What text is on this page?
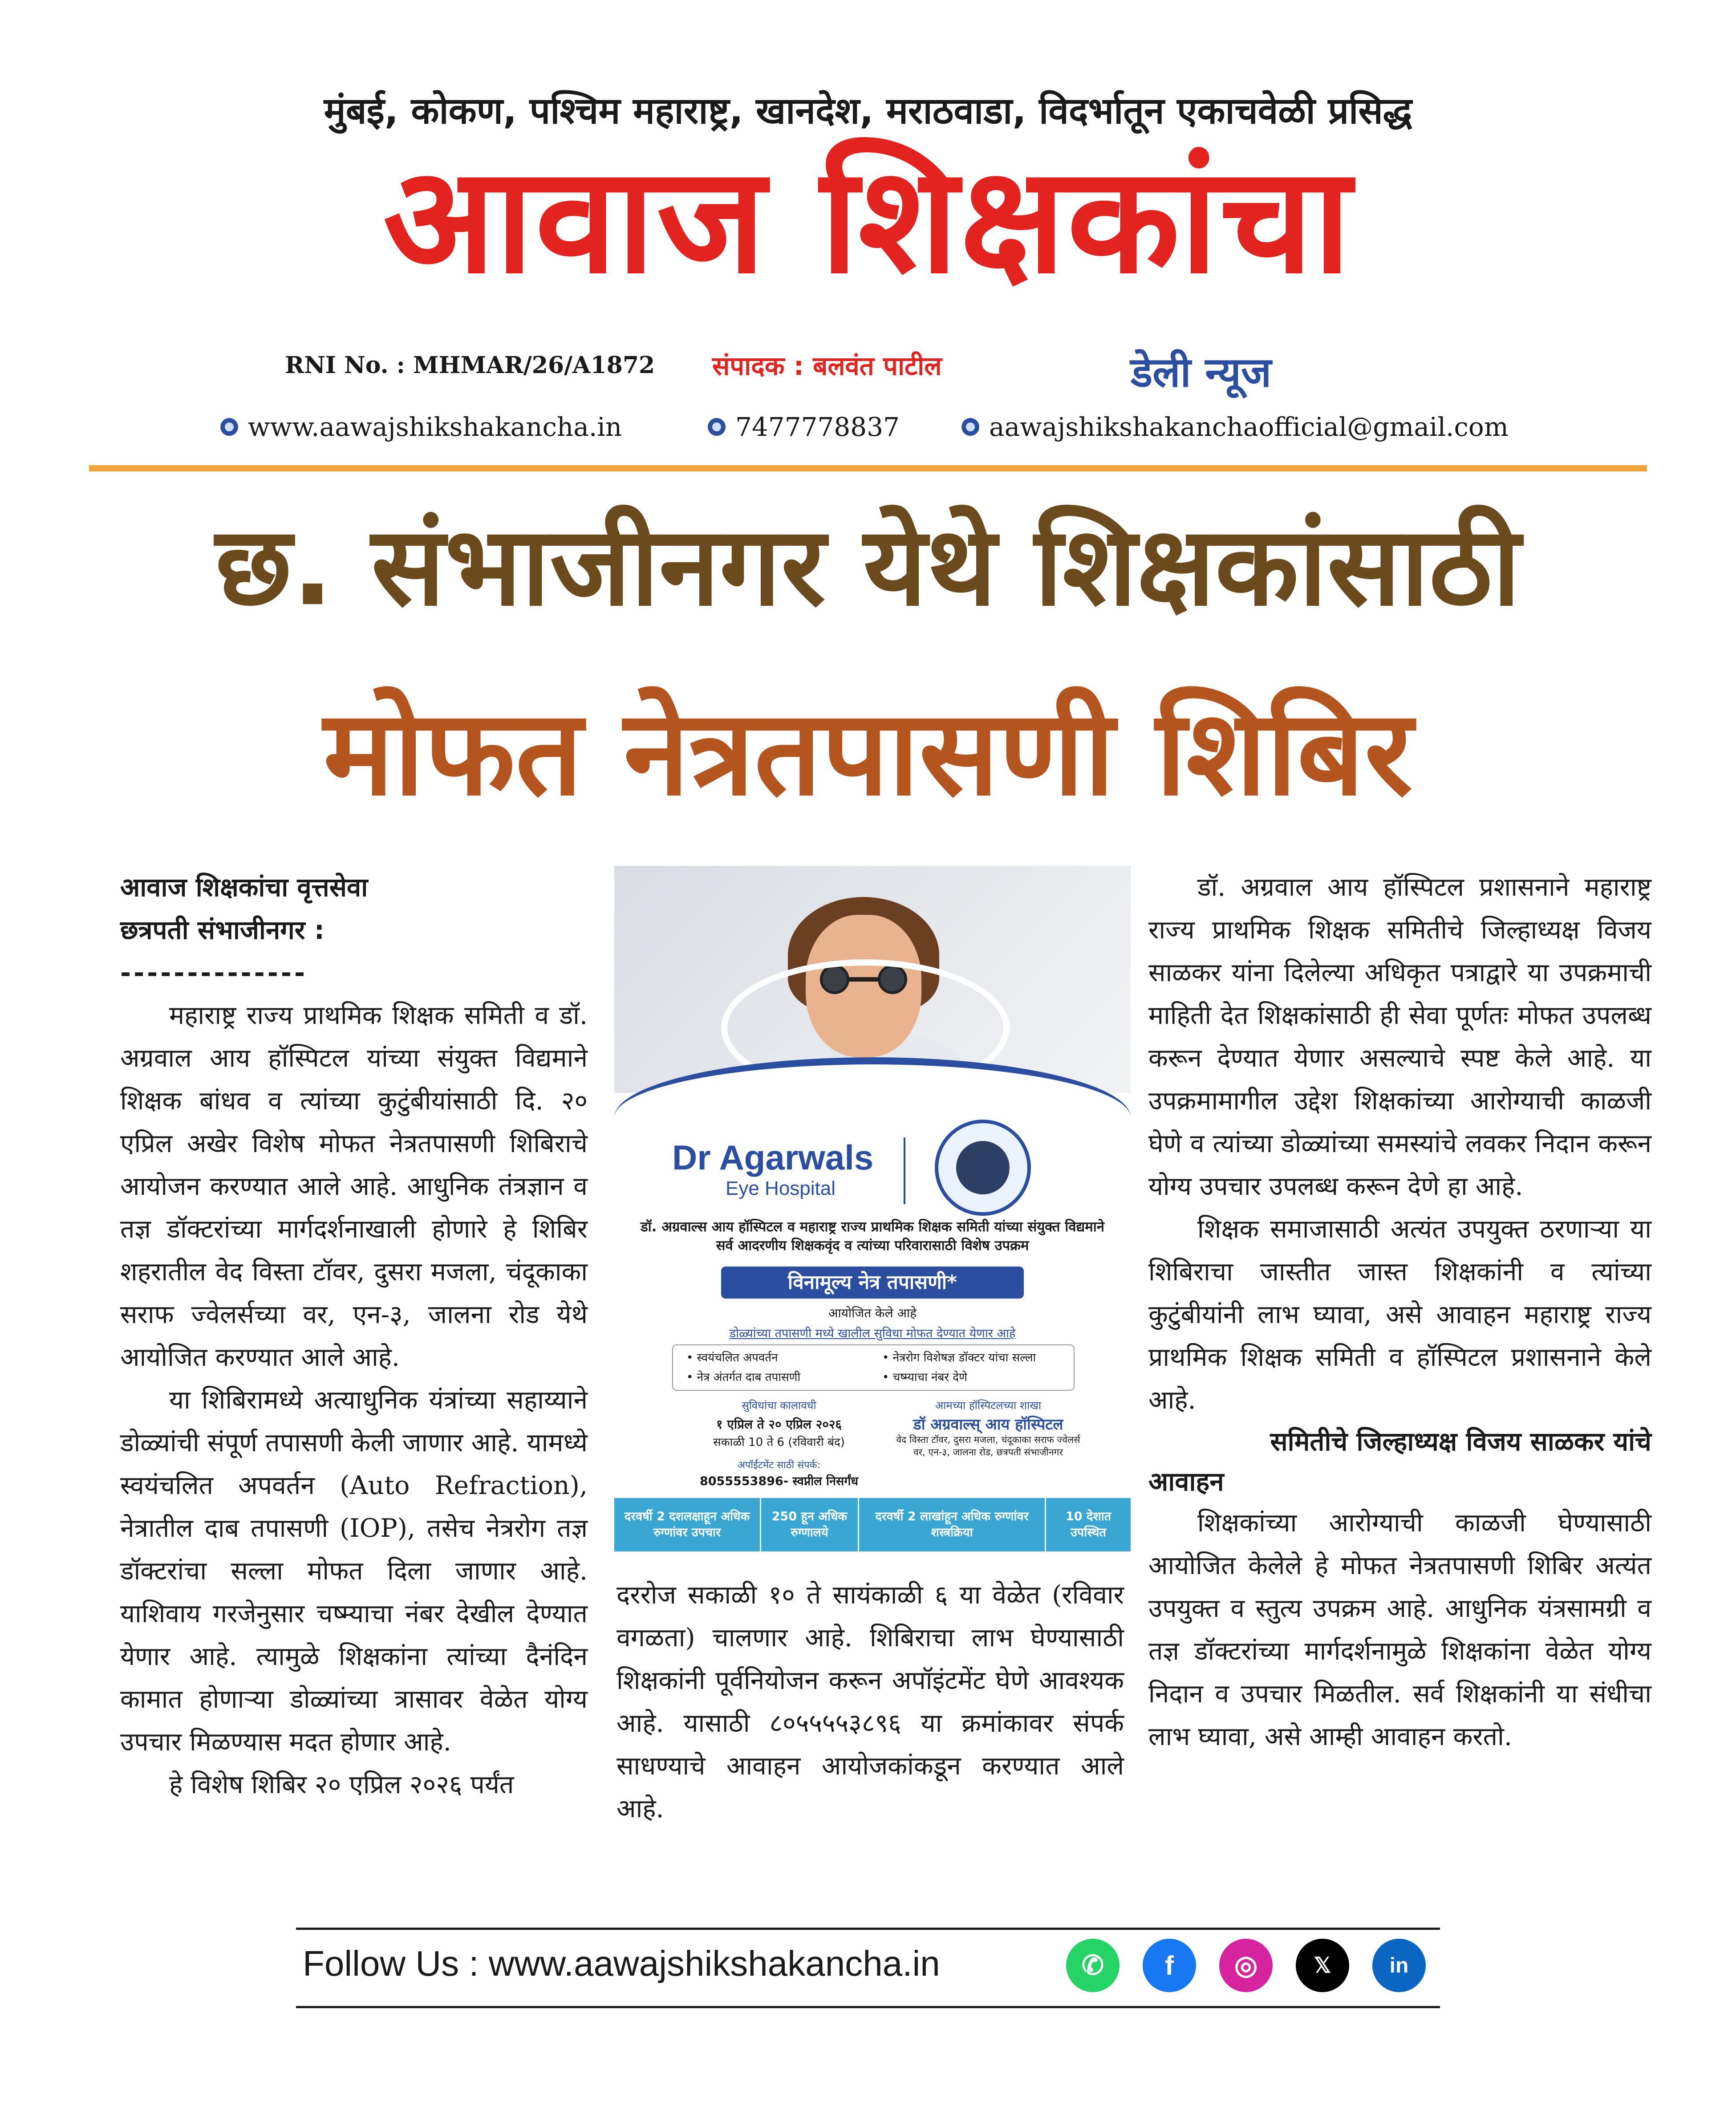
मुंबई, कोकण, पश्चिम महाराष्ट्र, खानदेश, मराठवाडा, विदर्भातून एकाचवेळी प्रसिद्ध
आवाज शिक्षकांचा
RNI No. : MHMAR/26/A1872 संपादक : बलवंत पाटील	डेली न्यूज
www.aawajshikshakancha.in	7477778837	aawajshikshakanchaofficial@gmail.com
छ. संभाजीनगर येथे शिक्षकांसाठी
मोफत नेत्रतपासणी शिबिर

आवाज शिक्षकांचा वृत्तसेवा

छत्रपती संभाजीनगर :

--------------

महाराष्ट्र राज्य प्राथमिक शिक्षक समिती व डॉ. अग्रवाल आय हॉस्पिटल यांच्या संयुक्त विद्यमाने शिक्षक बांधव व त्यांच्या कुटुंबीयांसाठी दि. २० एप्रिल अखेर विशेष मोफत नेत्रतपासणी शिबिराचे आयोजन करण्यात आले आहे. आधुनिक तंत्रज्ञान व तज्ञ डॉक्टरांच्या मार्गदर्शनाखाली होणारे हे शिबिर शहरातील वेद विस्ता टॉवर, दुसरा मजला, चंदूकाका सराफ ज्वेलर्सच्या वर, एन-३, जालना रोड येथे आयोजित करण्यात आले आहे.

या शिबिरामध्ये अत्याधुनिक यंत्रांच्या सहाय्याने डोळ्यांची संपूर्ण तपासणी केली जाणार आहे. यामध्ये स्वयंचलित अपवर्तन (Auto Refraction), नेत्रातील दाब तपासणी (IOP), तसेच नेत्ररोग तज्ञ डॉक्टरांचा सल्ला मोफत दिला जाणार आहे. याशिवाय गरजेनुसार चष्म्याचा नंबर देखील देण्यात येणार आहे. त्यामुळे शिक्षकांना त्यांच्या दैनंदिन कामात होणाऱ्या डोळ्यांच्या त्रासावर वेळेत योग्य उपचार मिळण्यास मदत होणार आहे.

हे विशेष शिबिर २० एप्रिल २०२६ पर्यंत

Dr Agarwals
Eye Hospital
डॉ. अग्रवाल्स आय हॉस्पिटल व महाराष्ट्र राज्य प्राथमिक शिक्षक समिती यांच्या संयुक्त विद्यमाने सर्व आदरणीय शिक्षकवृंद व त्यांच्या परिवारासाठी विशेष उपक्रम
विनामूल्य नेत्र तपासणी*
आयोजित केले आहे
डोळ्यांच्या तपासणी मध्ये खालील सुविधा मोफत देण्यात येणार आहे
• स्वयंचलित अपवर्तन	• नेत्ररोग विशेषज्ञ डॉक्टर यांचा सल्ला
• नेत्र अंतर्गत दाब तपासणी	• चष्म्याचा नंबर देणे
सुविधांचा कालावधी
१ एप्रिल ते २० एप्रिल २०२६
सकाळी 10 ते 6 (रविवारी बंद)
आमच्या हॉस्पिटलच्या शाखा
डॉ अग्रवाल्स् आय हॉस्पिटल
वेद विस्ता टॉवर, दुसरा मजला, चंदूकाका सराफ ज्वेलर्स वर, एन-३, जालना रोड, छत्रपती संभाजीनगर
अपॉईंटमेंट साठी संपर्क:
8055553896- स्वप्नील निसर्गंध
दरवर्षी 2 दशलक्षाहून अधिक रुग्णांवर उपचार
250 हून अधिक रुग्णालये
दरवर्षी 2 लाखांहून अधिक रुग्णांवर शस्त्रक्रिया
10 देशात उपस्थित

दररोज सकाळी १० ते सायंकाळी ६ या वेळेत (रविवार वगळता) चालणार आहे. शिबिराचा लाभ घेण्यासाठी शिक्षकांनी पूर्वनियोजन करून अपॉइंटमेंट घेणे आवश्यक आहे. यासाठी ८०५५५५३८९६ या क्रमांकावर संपर्क साधण्याचे आवाहन आयोजकांकडून करण्यात आले आहे.

डॉ. अग्रवाल आय हॉस्पिटल प्रशासनाने महाराष्ट्र राज्य प्राथमिक शिक्षक समितीचे जिल्हाध्यक्ष विजय साळकर यांना दिलेल्या अधिकृत पत्राद्वारे या उपक्रमाची माहिती देत शिक्षकांसाठी ही सेवा पूर्णतः मोफत उपलब्ध करून देण्यात येणार असल्याचे स्पष्ट केले आहे. या उपक्रमामागील उद्देश शिक्षकांच्या आरोग्याची काळजी घेणे व त्यांच्या डोळ्यांच्या समस्यांचे लवकर निदान करून योग्य उपचार उपलब्ध करून देणे हा आहे.

शिक्षक समाजासाठी अत्यंत उपयुक्त ठरणाऱ्या या शिबिराचा जास्तीत जास्त शिक्षकांनी व त्यांच्या कुटुंबीयांनी लाभ घ्यावा, असे आवाहन महाराष्ट्र राज्य प्राथमिक शिक्षक समिती व हॉस्पिटल प्रशासनाने केले आहे.

समितीचे जिल्हाध्यक्ष विजय साळकर यांचे

आवाहन

शिक्षकांच्या आरोग्याची काळजी घेण्यासाठी आयोजित केलेले हे मोफत नेत्रतपासणी शिबिर अत्यंत उपयुक्त व स्तुत्य उपक्रम आहे. आधुनिक यंत्रसामग्री व तज्ञ डॉक्टरांच्या मार्गदर्शनामुळे शिक्षकांना वेळेत योग्य निदान व उपचार मिळतील. सर्व शिक्षकांनी या संधीचा लाभ घ्यावा, असे आम्ही आवाहन करतो.

Follow Us : www.aawajshikshakancha.in	✆	f	◎	𝕏	in
